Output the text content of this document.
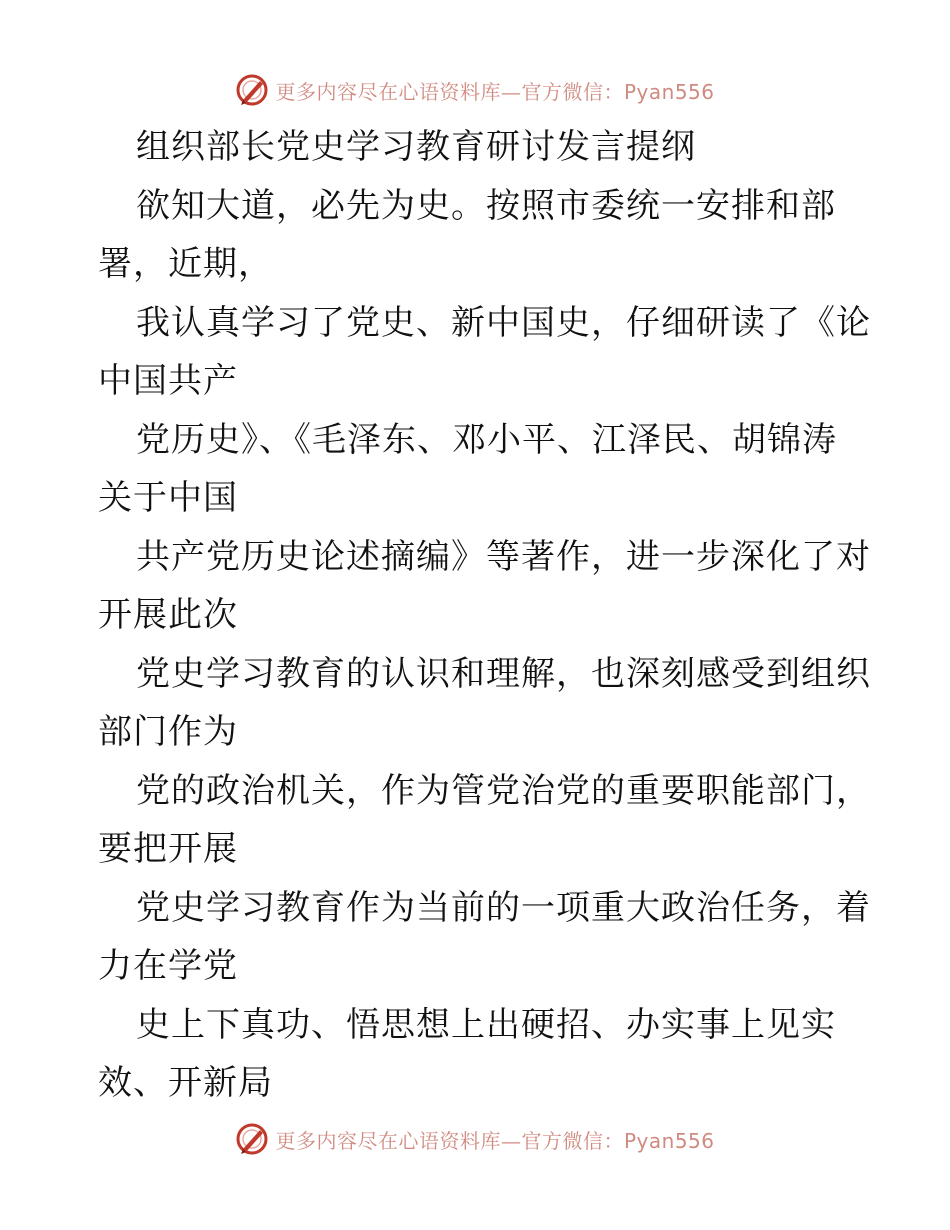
更多内容尽在心语资料库—官方微信：Pyan556
组织部长党史学习教育研讨发言提纲
欲知大道，必先为史。按照市委统一安排和部
署，近期，
我认真学习了党史、新中国史，仔细研读了《论
中国共产
党历史》、《毛泽东、邓小平、江泽民、胡锦涛
关于中国
共产党历史论述摘编》等著作，进一步深化了对
开展此次
党史学习教育的认识和理解，也深刻感受到组织
部门作为
党的政治机关，作为管党治党的重要职能部门，
要把开展
党史学习教育作为当前的一项重大政治任务，着
力在学党
史上下真功、悟思想上出硬招、办实事上见实
效、开新局
更多内容尽在心语资料库—官方微信：Pyan556
